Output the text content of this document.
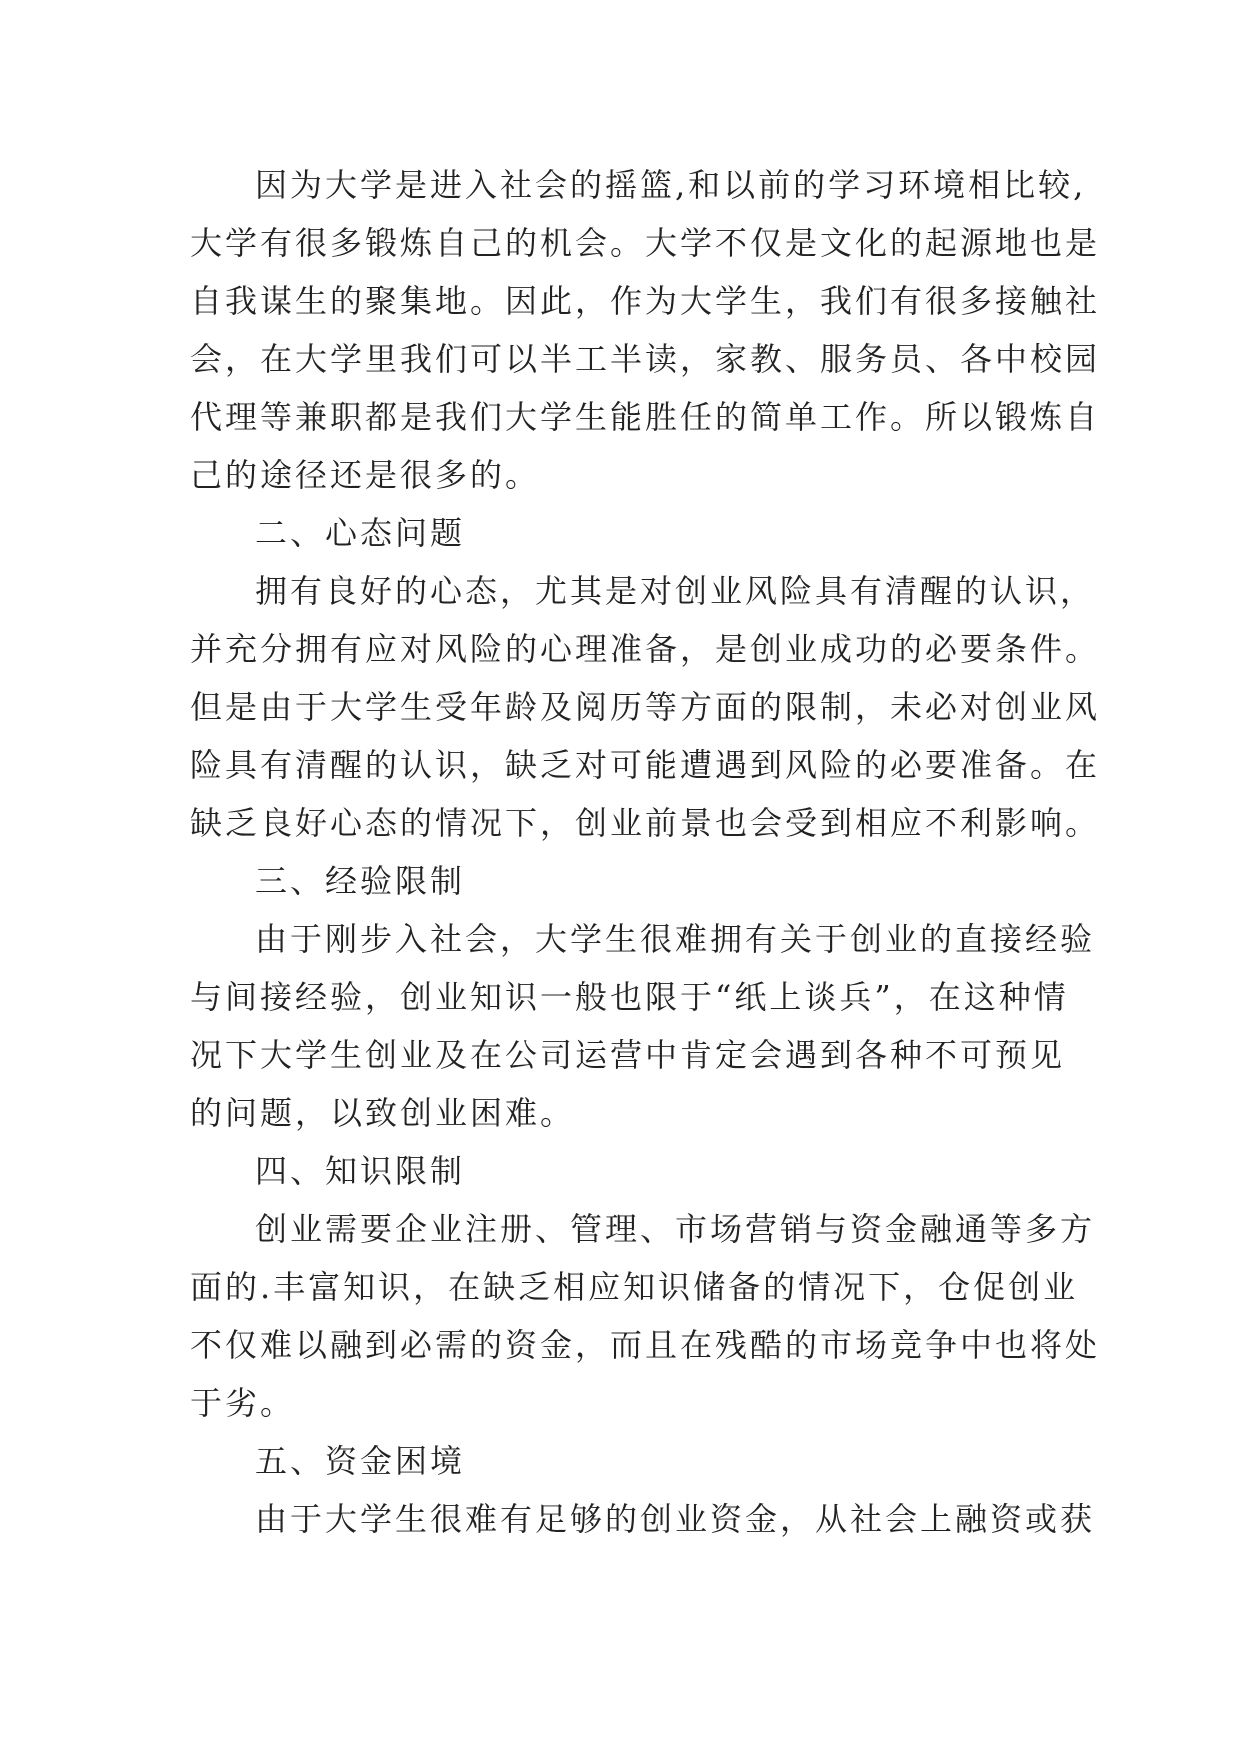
因为大学是进入社会的摇篮,和以前的学习环境相比较,
大学有很多锻炼自己的机会。大学不仅是文化的起源地也是
自我谋生的聚集地。因此，作为大学生，我们有很多接触社
会，在大学里我们可以半工半读，家教、服务员、各中校园
代理等兼职都是我们大学生能胜任的简单工作。所以锻炼自
己的途径还是很多的。
二、心态问题
拥有良好的心态，尤其是对创业风险具有清醒的认识，
并充分拥有应对风险的心理准备，是创业成功的必要条件。
但是由于大学生受年龄及阅历等方面的限制，未必对创业风
险具有清醒的认识，缺乏对可能遭遇到风险的必要准备。在
缺乏良好心态的情况下，创业前景也会受到相应不利影响。
三、经验限制
由于刚步入社会，大学生很难拥有关于创业的直接经验
与间接经验，创业知识一般也限于“纸上谈兵”，在这种情
况下大学生创业及在公司运营中肯定会遇到各种不可预见
的问题，以致创业困难。
四、知识限制
创业需要企业注册、管理、市场营销与资金融通等多方
面的.丰富知识，在缺乏相应知识储备的情况下，仓促创业
不仅难以融到必需的资金，而且在残酷的市场竞争中也将处
于劣。
五、资金困境
由于大学生很难有足够的创业资金，从社会上融资或获
